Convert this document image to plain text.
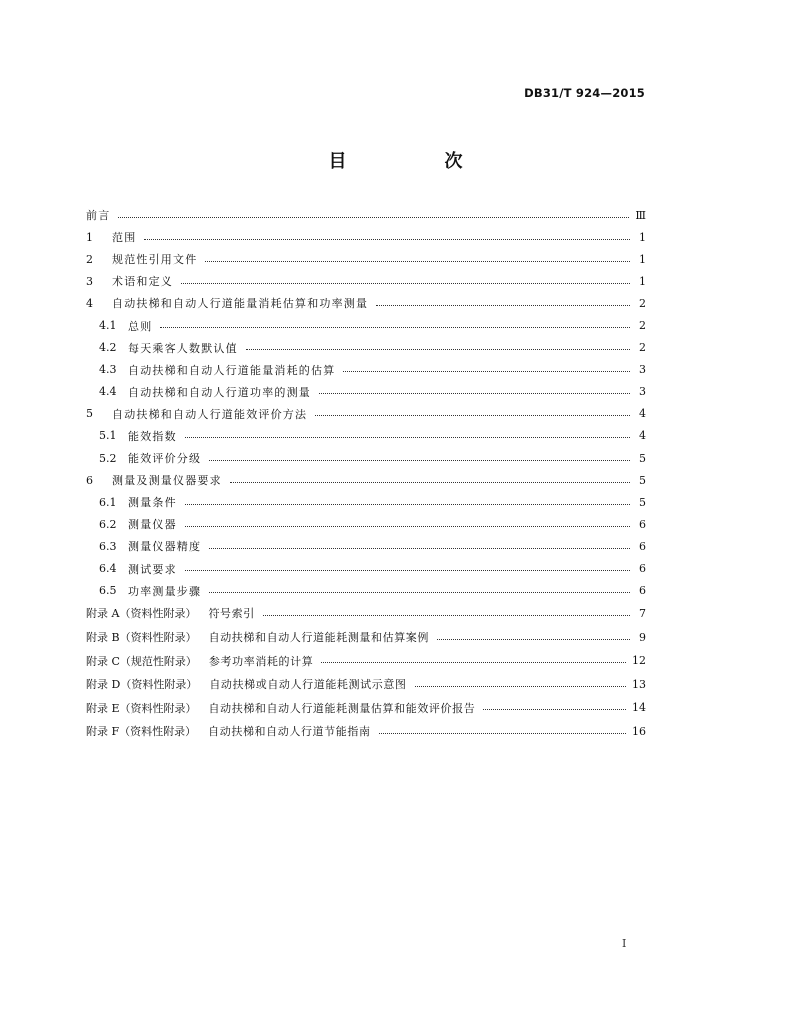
DB31/T 924—2015
目　次
前言	Ⅲ
1	范围	1
2	规范性引用文件	1
3	术语和定义	1
4	自动扶梯和自动人行道能量消耗估算和功率测量	2
4.1	总则	2
4.2	每天乘客人数默认值	2
4.3	自动扶梯和自动人行道能量消耗的估算	3
4.4	自动扶梯和自动人行道功率的测量	3
5	自动扶梯和自动人行道能效评价方法	4
5.1	能效指数	4
5.2	能效评价分级	5
6	测量及测量仪器要求	5
6.1	测量条件	5
6.2	测量仪器	6
6.3	测量仪器精度	6
6.4	测试要求	6
6.5	功率测量步骤	6
附录 A（资料性附录） 符号索引	7
附录 B（资料性附录） 自动扶梯和自动人行道能耗测量和估算案例	9
附录 C（规范性附录） 参考功率消耗的计算	12
附录 D（资料性附录） 自动扶梯或自动人行道能耗测试示意图	13
附录 E（资料性附录） 自动扶梯和自动人行道能耗测量估算和能效评价报告	14
附录 F（资料性附录） 自动扶梯和自动人行道节能指南	16
I
